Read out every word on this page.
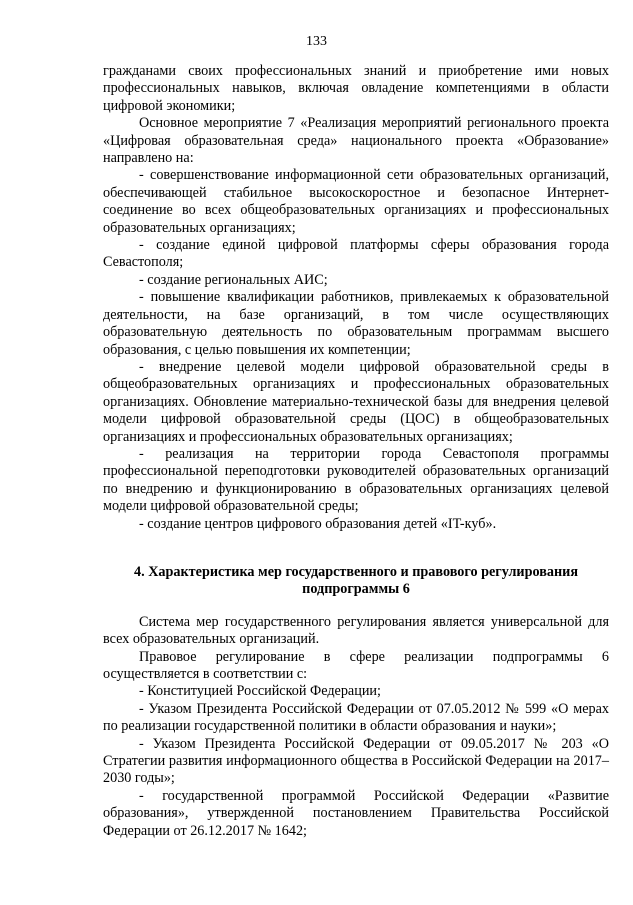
133

гражданами своих профессиональных знаний и приобретение ими новых профессиональных навыков, включая овладение компетенциями в области цифровой экономики;

Основное мероприятие 7 «Реализация мероприятий регионального проекта «Цифровая образовательная среда» национального проекта «Образование» направлено на:

- совершенствование информационной сети образовательных организаций, обеспечивающей стабильное высокоскоростное и безопасное Интернет-соединение во всех общеобразовательных организациях и профессиональных образовательных организациях;

- создание единой цифровой платформы сферы образования города Севастополя;

- создание региональных АИС;

- повышение квалификации работников, привлекаемых к образовательной деятельности, на базе организаций, в том числе осуществляющих образовательную деятельность по образовательным программам высшего образования, с целью повышения их компетенции;

- внедрение целевой модели цифровой образовательной среды в общеобразовательных организациях и профессиональных образовательных организациях. Обновление материально-технической базы для внедрения целевой модели цифровой образовательной среды (ЦОС) в общеобразовательных организациях и профессиональных образовательных организациях;

- реализация на территории города Севастополя программы профессиональной переподготовки руководителей образовательных организаций по внедрению и функционированию в образовательных организациях целевой модели цифровой образовательной среды;

- создание центров цифрового образования детей «IT-куб».

4. Характеристика мер государственного и правового регулирования
подпрограммы 6

Система мер государственного регулирования является универсальной для всех образовательных организаций.

Правовое регулирование в сфере реализации подпрограммы 6 осуществляется в соответствии с:

- Конституцией Российской Федерации;

- Указом Президента Российской Федерации от 07.05.2012 № 599 «О мерах по реализации государственной политики в области образования и науки»;

- Указом Президента Российской Федерации от 09.05.2017 № 203 «О Стратегии развития информационного общества в Российской Федерации на 2017–2030 годы»;

- государственной программой Российской Федерации «Развитие образования», утвержденной постановлением Правительства Российской Федерации от 26.12.2017 № 1642;
